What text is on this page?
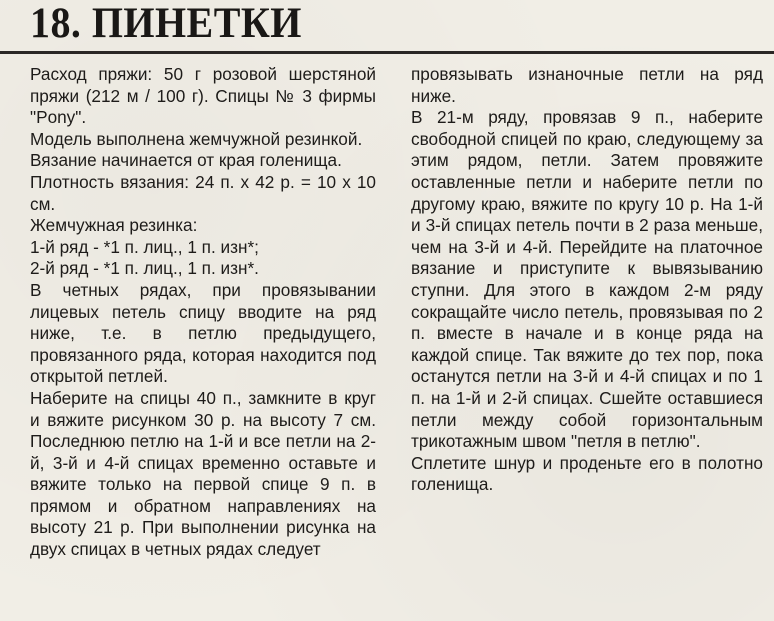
18. ПИНЕТКИ

Расход пряжи: 50 г розовой шерстяной пряжи (212 м / 100 г). Спицы № 3 фирмы "Pony".

Модель выполнена жемчужной резинкой.

Вязание начинается от края голенища.

Плотность вязания: 24 п. х 42 р. = 10 х 10 см.

Жемчужная резинка:

1-й ряд - *1 п. лиц., 1 п. изн*;

2-й ряд - *1 п. лиц., 1 п. изн*.

В четных рядах, при провязывании лицевых петель спицу вводите на ряд ниже, т.е. в петлю предыдущего, провязанного ряда, которая находится под открытой петлей.

Наберите на спицы 40 п., замкните в круг и вяжите рисунком 30 р. на высоту 7 см. Последнюю петлю на 1-й и все петли на 2-й, 3-й и 4-й спицах временно оставьте и вяжите только на первой спице 9 п. в прямом и обратном направлениях на высоту 21 р. При выполнении рисунка на двух спицах в четных рядах следует

провязывать изнаночные петли на ряд ниже.

В 21-м ряду, провязав 9 п., наберите свободной спицей по краю, следующему за этим рядом, петли. Затем провяжите оставленные петли и наберите петли по другому краю, вяжите по кругу 10 р. На 1-й и 3-й спицах петель почти в 2 раза меньше, чем на 3-й и 4-й. Перейдите на платочное вязание и приступите к вывязыванию ступни. Для этого в каждом 2-м ряду сокращайте число петель, провязывая по 2 п. вместе в начале и в конце ряда на каждой спице. Так вяжите до тех пор, пока останутся петли на 3-й и 4-й спицах и по 1 п. на 1-й и 2-й спицах. Сшейте оставшиеся петли между собой горизонтальным трикотажным швом "петля в петлю".

Сплетите шнур и проденьте его в полотно голенища.
